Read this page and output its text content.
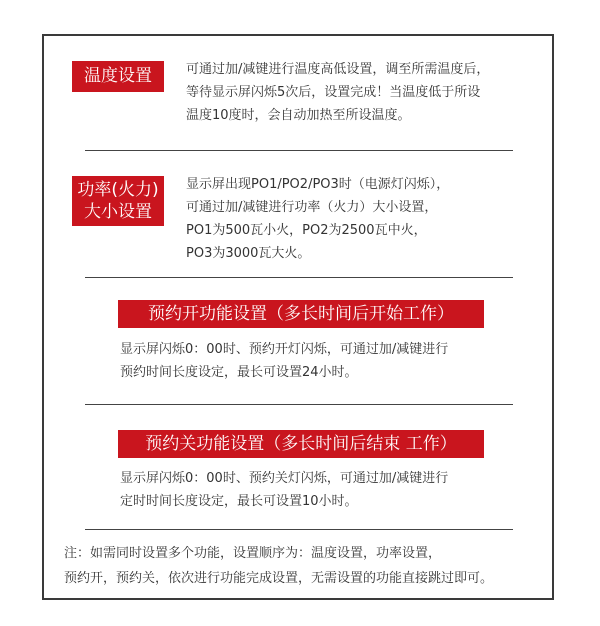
温度设置	可通过加/减键进行温度高低设置，调至所需温度后，
等待显示屏闪烁5次后，设置完成！当温度低于所设
温度10度时，会自动加热至所设温度。
功率(火力)
大小设置
显示屏出现PO1/PO2/PO3时（电源灯闪烁），
可通过加/减键进行功率（火力）大小设置，
PO1为500瓦小火，PO2为2500瓦中火，
PO3为3000瓦大火。
预约开功能设置（多长时间后开始工作）
显示屏闪烁0：00时、预约开灯闪烁，可通过加/减键进行
预约时间长度设定，最长可设置24小时。
预约关功能设置（多长时间后结束 工作）
显示屏闪烁0：00时、预约关灯闪烁，可通过加/减键进行
定时时间长度设定，最长可设置10小时。
注：如需同时设置多个功能，设置顺序为：温度设置，功率设置，
预约开，预约关，依次进行功能完成设置，无需设置的功能直接跳过即可。
